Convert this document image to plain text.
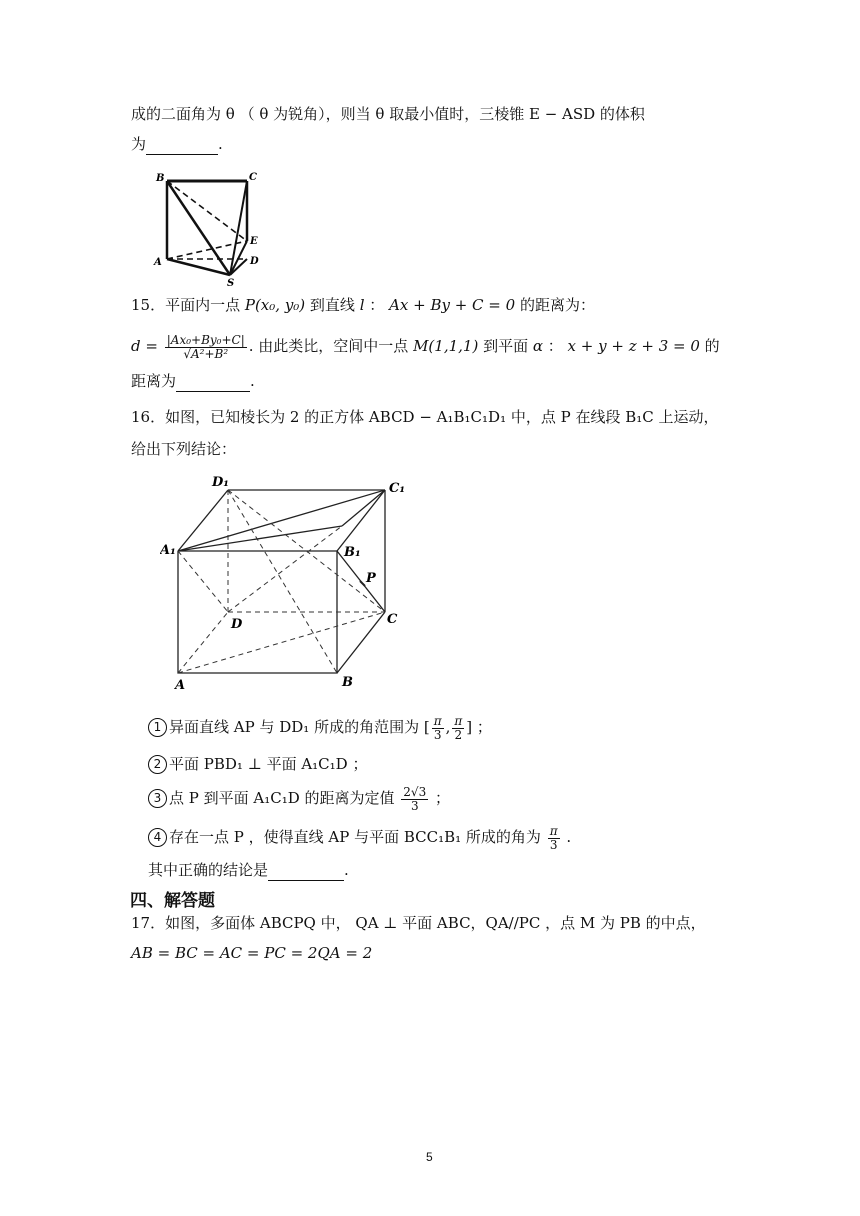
成的二面角为 θ （ θ 为锐角），则当 θ 取最小值时，三棱锥 E − ASD 的体积
为	.
B	C
E
A	D
S
15．平面内一点 P(x₀, y₀) 到直线 l ： Ax + By + C = 0 的距离为：
$d = \frac{\text{|Ax₀+By₀+C|}}{\text{√A²+B²}}$ . 由此类比，空间中一点 M(1,1,1) 到平面 α ： x + y + z + 3 = 0 的
距离为	.
16．如图，已知棱长为 2 的正方体 ABCD − A₁B₁C₁D₁ 中，点 P 在线段 B₁C 上运动，
给出下列结论：
D₁	C₁
A₁	B₁
P
D	C
A	B
1 异面直线 AP 与 DD₁ 所成的角范围为 [ $\frac{\pi}{3}$ , $\frac{\pi}{2}$ ] ；
2 平面 PBD₁ ⊥ 平面 A₁C₁D ；
3 点 P 到平面 A₁C₁D 的距离为定值 $\frac{2√3}{3}$ ；
4 存在一点 P ，使得直线 AP 与平面 BCC₁B₁ 所成的角为 $\frac{\pi}{3}$ .
其中正确的结论是	.
四、解答题
17．如图，多面体 ABCPQ 中， QA ⊥ 平面 ABC，QA//PC ，点 M 为 PB 的中点，
AB = BC = AC = PC = 2QA = 2
5
